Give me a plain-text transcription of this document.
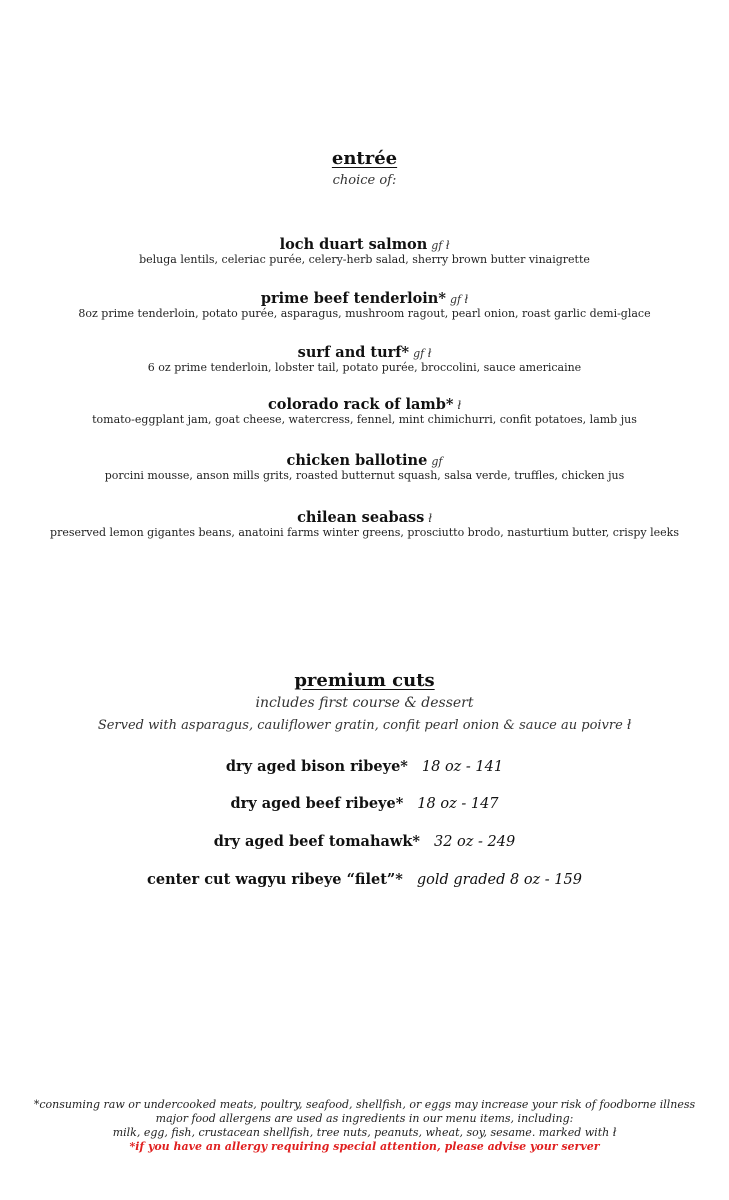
entrée
choice of:
loch duart salmon gf ł
beluga lentils, celeriac purée, celery-herb salad, sherry brown butter vinaigrette
prime beef tenderloin* gf ł
8oz prime tenderloin, potato purée, asparagus, mushroom ragout, pearl onion, roast garlic demi-glace
surf and turf* gf ł
6 oz prime tenderloin, lobster tail, potato purée, broccolini, sauce americaine
colorado rack of lamb* ł
tomato-eggplant jam, goat cheese, watercress, fennel, mint chimichurri, confit potatoes, lamb jus
chicken ballotine gf
porcini mousse, anson mills grits, roasted butternut squash, salsa verde, truffles, chicken jus
chilean seabass ł
preserved lemon gigantes beans, anatoini farms winter greens, prosciutto brodo, nasturtium butter, crispy leeks
premium cuts
includes first course & dessert
Served with asparagus, cauliflower gratin, confit pearl onion & sauce au poivre ł
dry aged bison ribeye* 18 oz - 141
dry aged beef ribeye* 18 oz - 147
dry aged beef tomahawk* 32 oz - 249
center cut wagyu ribeye “filet”* gold graded 8 oz - 159
*consuming raw or undercooked meats, poultry, seafood, shellfish, or eggs may increase your risk of foodborne illness
major food allergens are used as ingredients in our menu items, including:
milk, egg, fish, crustacean shellfish, tree nuts, peanuts, wheat, soy, sesame. marked with ł
*if you have an allergy requiring special attention, please advise your server
